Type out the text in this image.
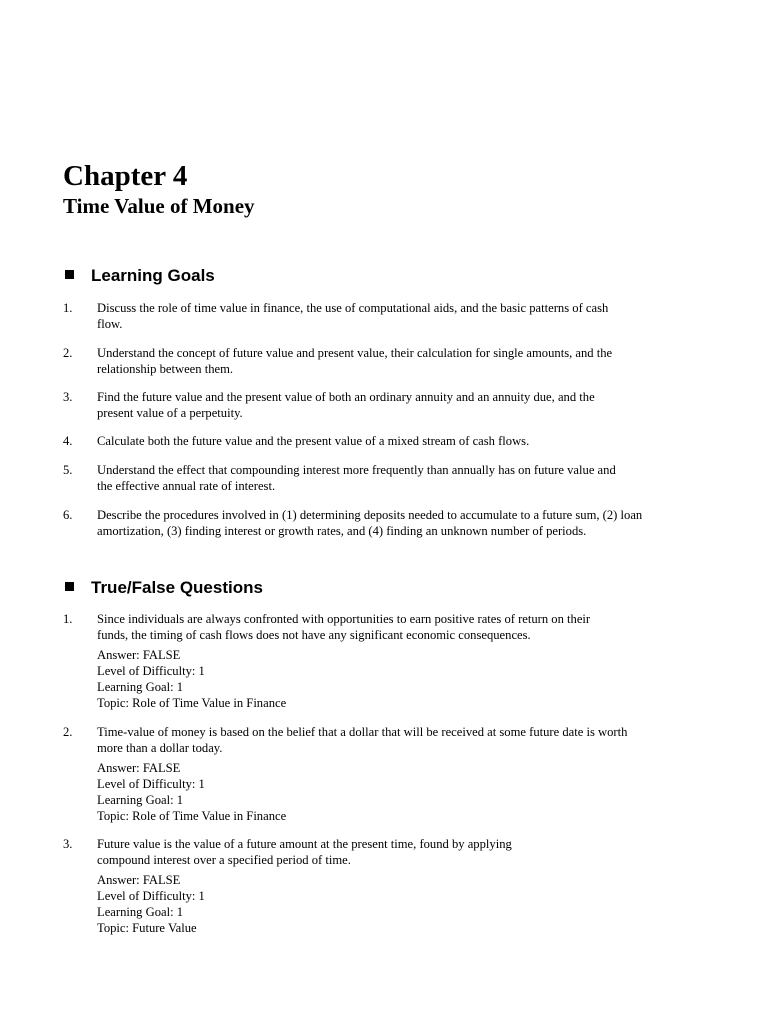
Chapter 4
Time Value of Money
Learning Goals
1. Discuss the role of time value in finance, the use of computational aids, and the basic patterns of cash flow.
2. Understand the concept of future value and present value, their calculation for single amounts, and the relationship between them.
3. Find the future value and the present value of both an ordinary annuity and an annuity due, and the present value of a perpetuity.
4. Calculate both the future value and the present value of a mixed stream of cash flows.
5. Understand the effect that compounding interest more frequently than annually has on future value and the effective annual rate of interest.
6. Describe the procedures involved in (1) determining deposits needed to accumulate to a future sum, (2) loan amortization, (3) finding interest or growth rates, and (4) finding an unknown number of periods.
True/False Questions
1. Since individuals are always confronted with opportunities to earn positive rates of return on their funds, the timing of cash flows does not have any significant economic consequences.
Answer: FALSE
Level of Difficulty: 1
Learning Goal: 1
Topic: Role of Time Value in Finance
2. Time-value of money is based on the belief that a dollar that will be received at some future date is worth more than a dollar today.
Answer: FALSE
Level of Difficulty: 1
Learning Goal: 1
Topic: Role of Time Value in Finance
3. Future value is the value of a future amount at the present time, found by applying compound interest over a specified period of time.
Answer: FALSE
Level of Difficulty: 1
Learning Goal: 1
Topic: Future Value
